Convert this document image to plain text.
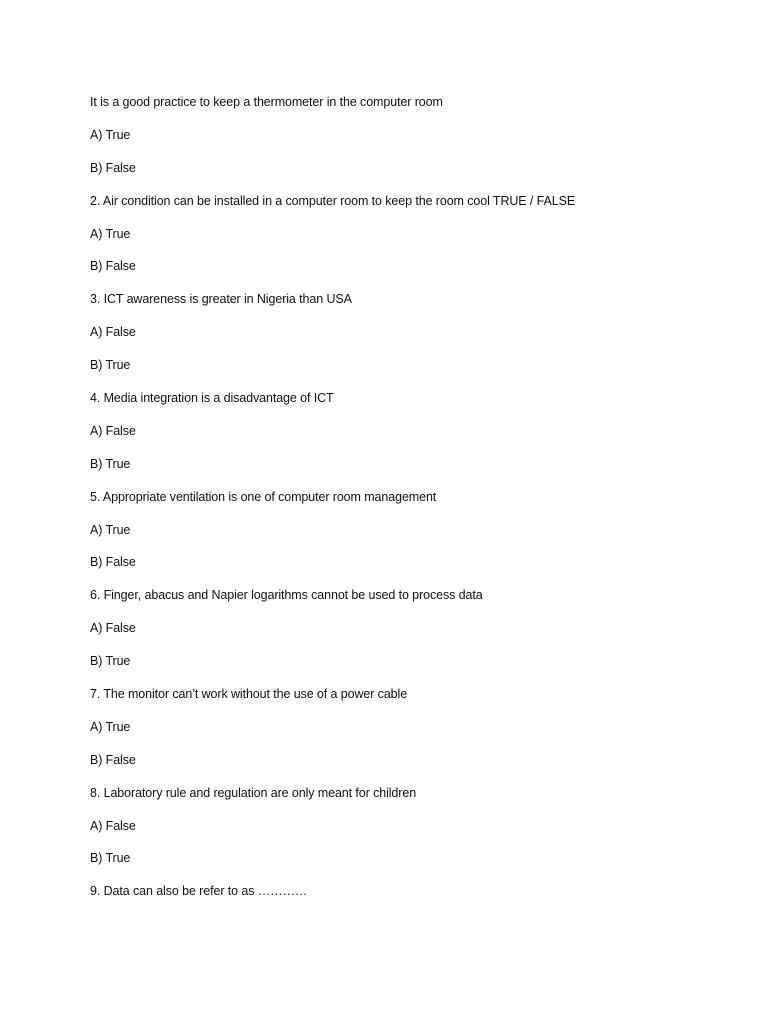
It is a good practice to keep a thermometer in the computer room
A) True
B) False
2. Air condition can be installed in a computer room to keep the room cool TRUE / FALSE
A) True
B) False
3. ICT awareness is greater in Nigeria than USA
A) False
B) True
4. Media integration is a disadvantage of ICT
A) False
B) True
5. Appropriate ventilation is one of computer room management
A) True
B) False
6. Finger, abacus and Napier logarithms cannot be used to process data
A) False
B) True
7. The monitor can’t work without the use of a power cable
A) True
B) False
8. Laboratory rule and regulation are only meant for children
A) False
B) True
9. Data can also be refer to as …………
